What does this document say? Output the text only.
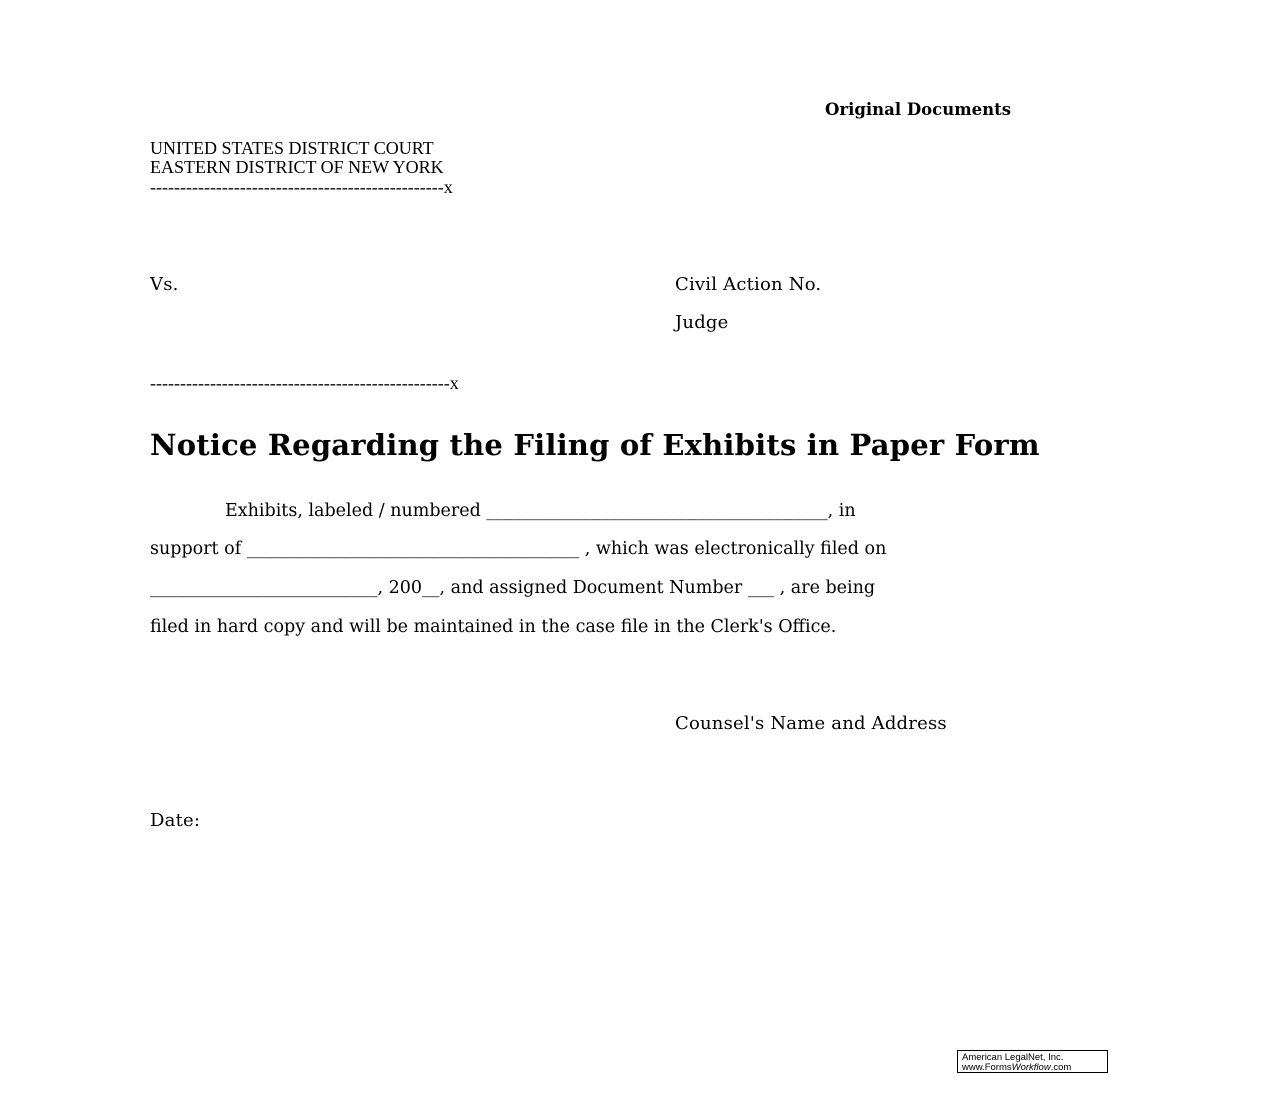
Original Documents
UNITED STATES DISTRICT COURT
EASTERN DISTRICT OF NEW YORK
-------------------------------------------------x
Vs.	Civil Action No.
Judge
--------------------------------------------------x
Notice Regarding the Filing of Exhibits in Paper Form
Exhibits, labeled / numbered _______________________________________, in
support of ______________________________________ , which was electronically filed on
__________________________, 200__, and assigned Document Number ___ , are being
filed in hard copy and will be maintained in the case file in the Clerk's Office.
Counsel's Name and Address
Date:
American LegalNet, Inc.
www.FormsWorkflow.com
